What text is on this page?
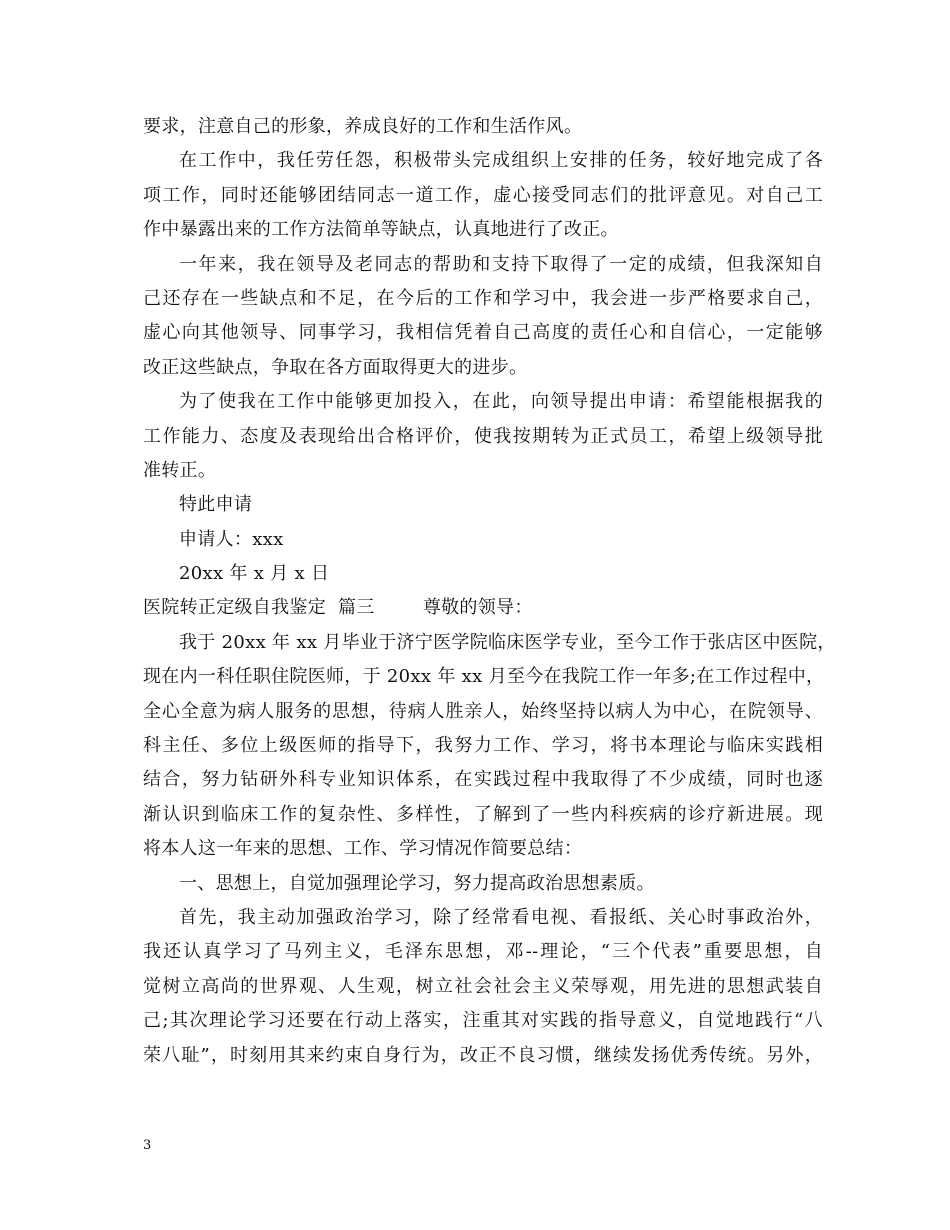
要求，注意自己的形象，养成良好的工作和生活作风。
在工作中，我任劳任怨，积极带头完成组织上安排的任务，较好地完成了各
项工作，同时还能够团结同志一道工作，虚心接受同志们的批评意见。对自己工
作中暴露出来的工作方法简单等缺点，认真地进行了改正。
一年来，我在领导及老同志的帮助和支持下取得了一定的成绩，但我深知自
己还存在一些缺点和不足，在今后的工作和学习中，我会进一步严格要求自己，
虚心向其他领导、同事学习，我相信凭着自己高度的责任心和自信心，一定能够
改正这些缺点，争取在各方面取得更大的进步。
为了使我在工作中能够更加投入，在此，向领导提出申请：希望能根据我的
工作能力、态度及表现给出合格评价，使我按期转为正式员工，希望上级领导批
准转正。
特此申请
申请人：xxx
20xx 年 x 月 x 日
医院转正定级自我鉴定  篇三        尊敬的领导：
我于 20xx 年 xx 月毕业于济宁医学院临床医学专业，至今工作于张店区中医院，
现在内一科任职住院医师，于 20xx 年 xx 月至今在我院工作一年多;在工作过程中，
全心全意为病人服务的思想，待病人胜亲人，始终坚持以病人为中心，在院领导、
科主任、多位上级医师的指导下，我努力工作、学习，将书本理论与临床实践相
结合，努力钻研外科专业知识体系，在实践过程中我取得了不少成绩，同时也逐
渐认识到临床工作的复杂性、多样性，了解到了一些内科疾病的诊疗新进展。现
将本人这一年来的思想、工作、学习情况作简要总结：
一、思想上，自觉加强理论学习，努力提高政治思想素质。
首先，我主动加强政治学习，除了经常看电视、看报纸、关心时事政治外，
我还认真学习了马列主义，毛泽东思想，邓--理论，“三个代表”重要思想，自
觉树立高尚的世界观、人生观，树立社会社会主义荣辱观，用先进的思想武装自
己;其次理论学习还要在行动上落实，注重其对实践的指导意义，自觉地践行“八
荣八耻”，时刻用其来约束自身行为，改正不良习惯，继续发扬优秀传统。另外，
3
